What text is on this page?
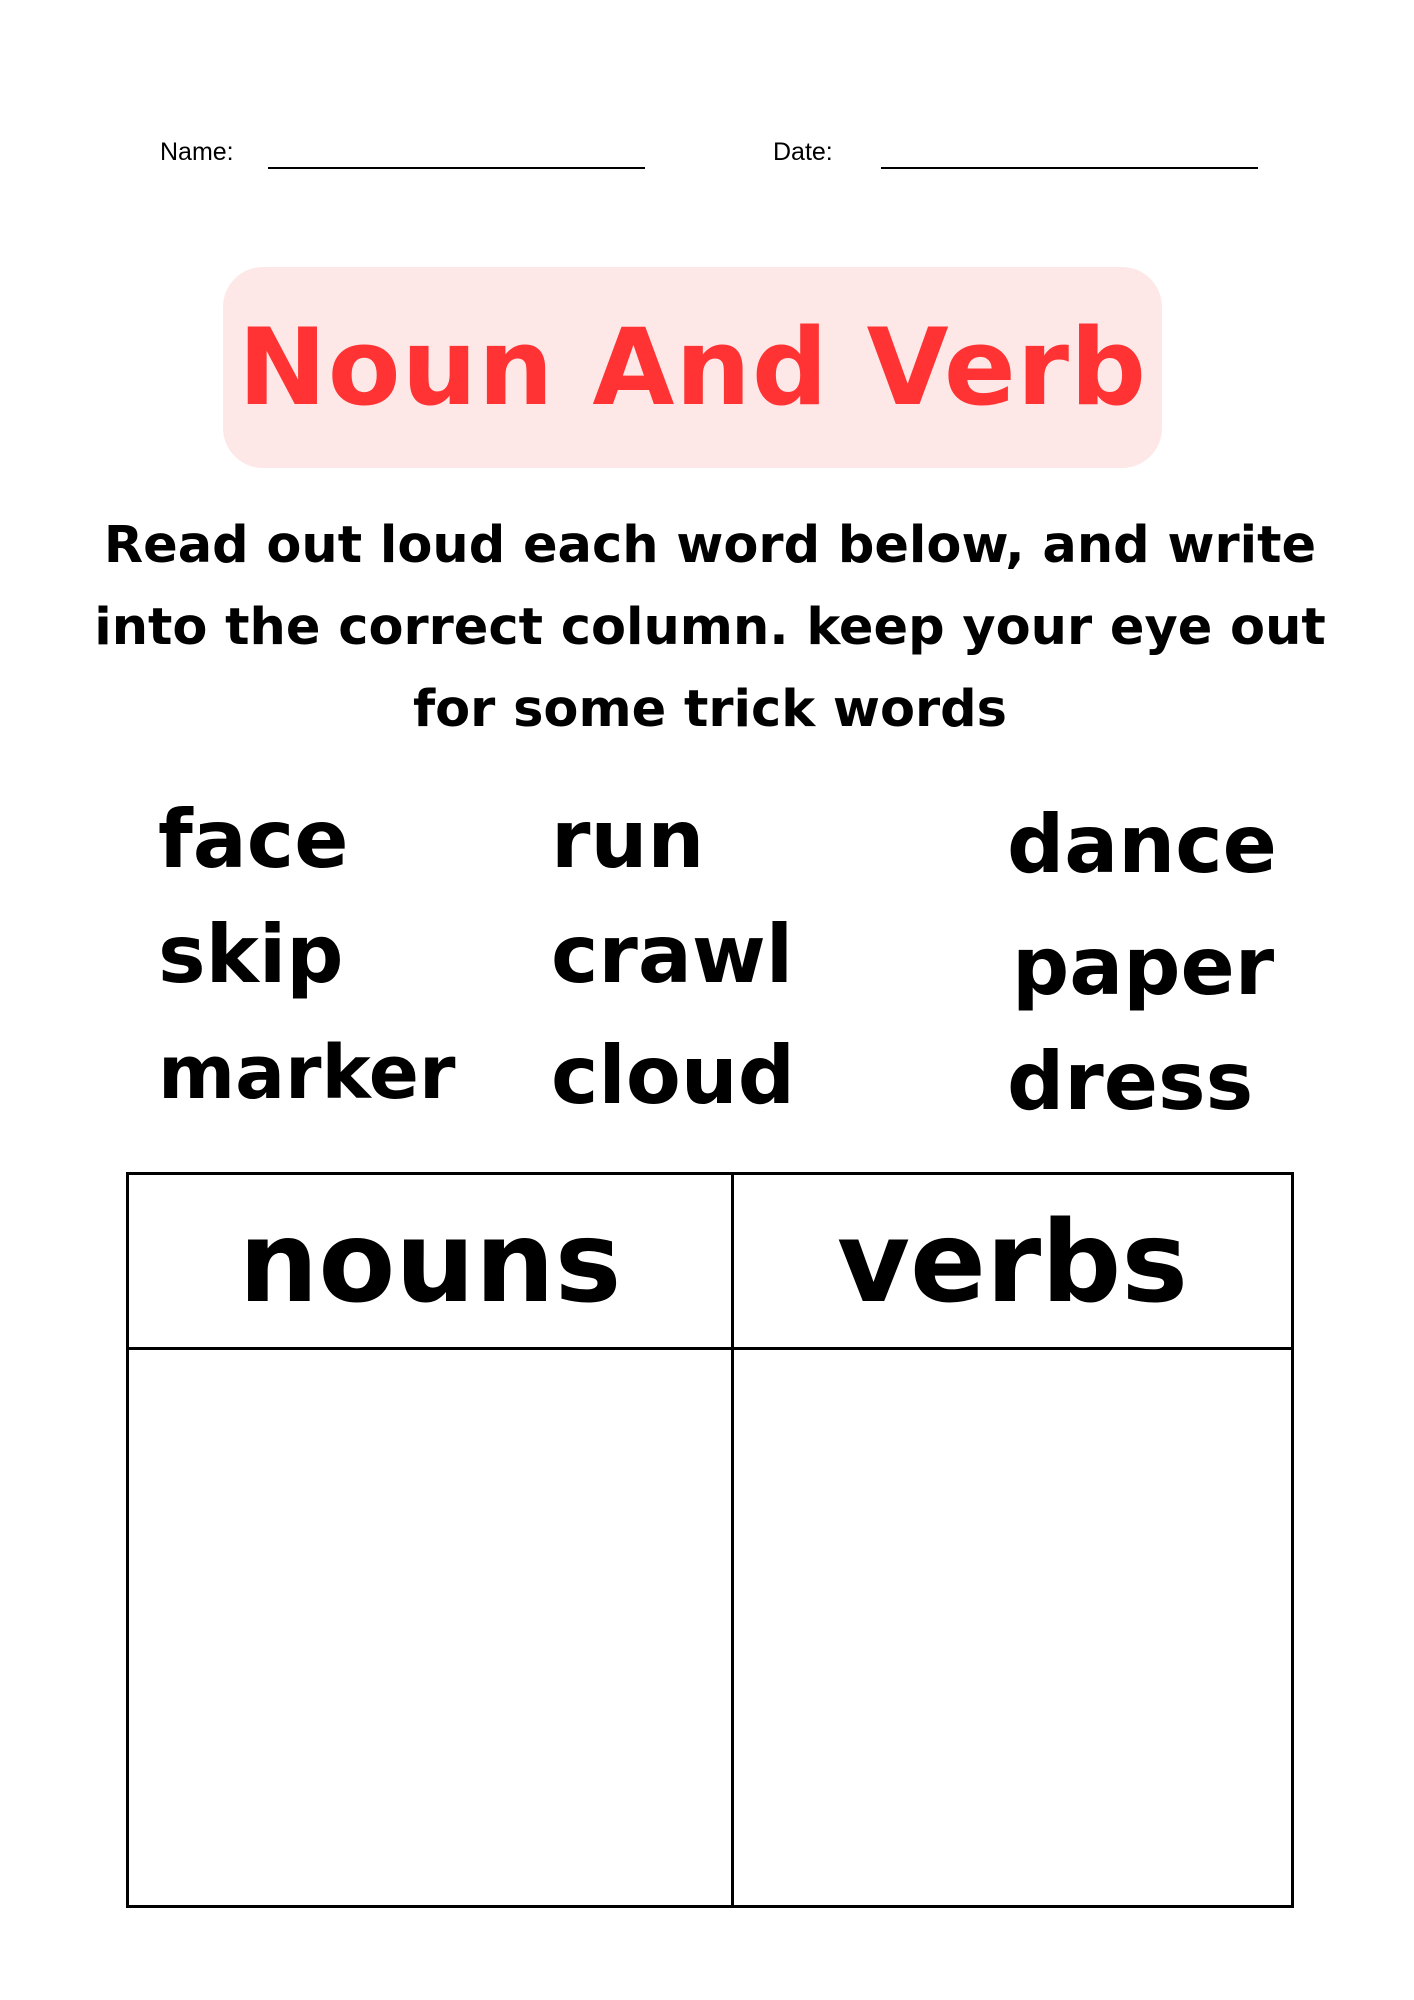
Name:	Date:
Noun And Verb
Read out loud each word below, and write
into the correct column. keep your eye out
for some trick words
face
skip
marker
run
crawl
cloud
dance
paper
dress
nouns	verbs
